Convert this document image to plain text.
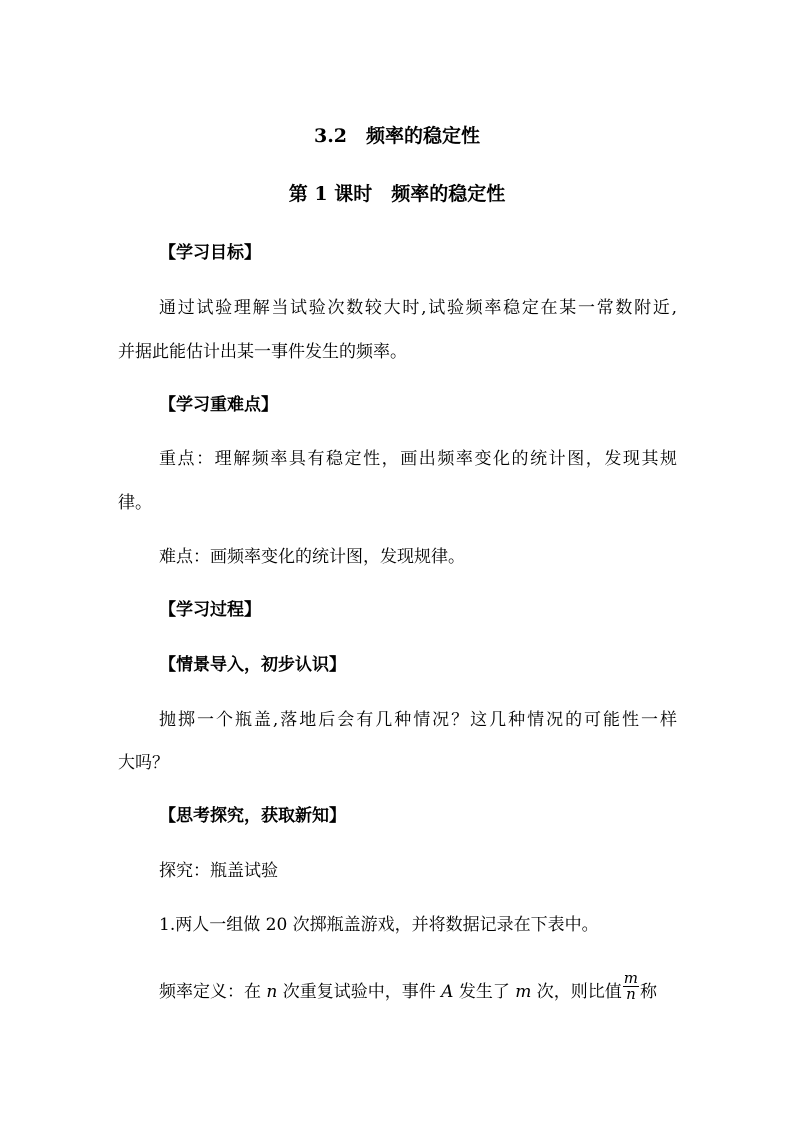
3.2　频率的稳定性
第 1 课时　频率的稳定性
【学习目标】
通过试验理解当试验次数较大时,试验频率稳定在某一常数附近,
并据此能估计出某一事件发生的频率。
【学习重难点】
重点：理解频率具有稳定性，画出频率变化的统计图，发现其规
律。
难点：画频率变化的统计图，发现规律。
【学习过程】
【情景导入，初步认识】
抛掷一个瓶盖,落地后会有几种情况？这几种情况的可能性一样
大吗？
【思考探究，获取新知】
探究：瓶盖试验
1.两人一组做 20 次掷瓶盖游戏，并将数据记录在下表中。
频率定义：在 n 次重复试验中，事件 A 发生了 m 次，则比值 $\frac{m}{n}$ 称
